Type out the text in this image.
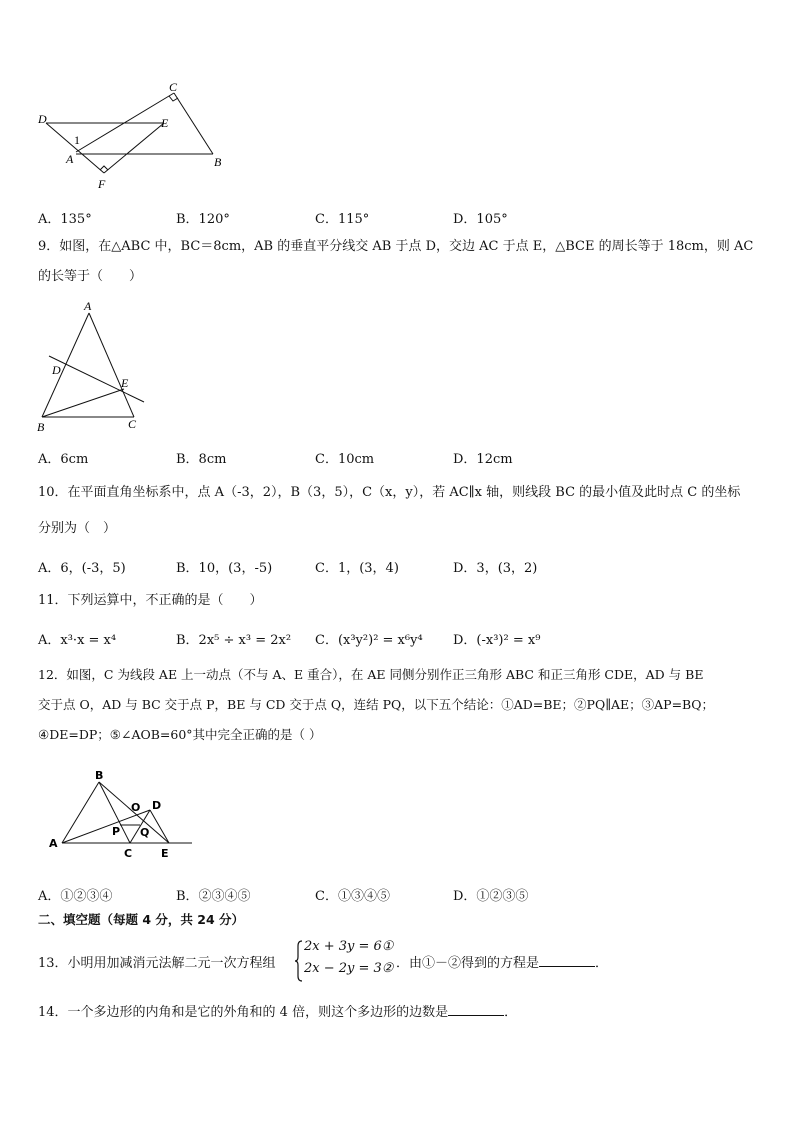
C
D	E
1
A	B
F
A．135°	B．120°	C．115°	D．105°
9．如图，在△ABC 中，BC＝8cm，AB 的垂直平分线交 AB 于点 D，交边 AC 于点 E，△BCE 的周长等于 18cm，则 AC
的长等于（　　）
A
D
E
B	C
A．6cm	B．8cm	C．10cm	D．12cm
10．在平面直角坐标系中，点 A（-3，2），B（3，5），C（x，y），若 AC∥x 轴，则线段 BC 的最小值及此时点 C 的坐标
分别为（　）
A．6，(-3，5)	B．10，(3，-5)	C．1，(3，4)	D．3，(3，2)
11．下列运算中，不正确的是（　　）
A．x³·x = x⁴	B．2x⁵ ÷ x³ = 2x² C．(x³y²)² = x⁶y⁴ D．(-x³)² = x⁹
12．如图，C 为线段 AE 上一动点（不与 A、E 重合），在 AE 同侧分别作正三角形 ABC 和正三角形 CDE，AD 与 BE
交于点 O，AD 与 BC 交于点 P，BE 与 CD 交于点 Q，连结 PQ，以下五个结论：①AD=BE；②PQ∥AE；③AP=BQ；
④DE=DP；⑤∠AOB=60°其中完全正确的是（ ）
B
O D
P Q
A
C	E
A．①②③④	B．②③④⑤	C．①③④⑤	D．①②③⑤
二、填空题（每题 4 分，共 24 分）
13．小明用加减消元法解二元一次方程组
2x + 3y = 6①
2x − 2y = 3② ．由①－②得到的方程是	．
14．一个多边形的内角和是它的外角和的 4 倍，则这个多边形的边数是	．
